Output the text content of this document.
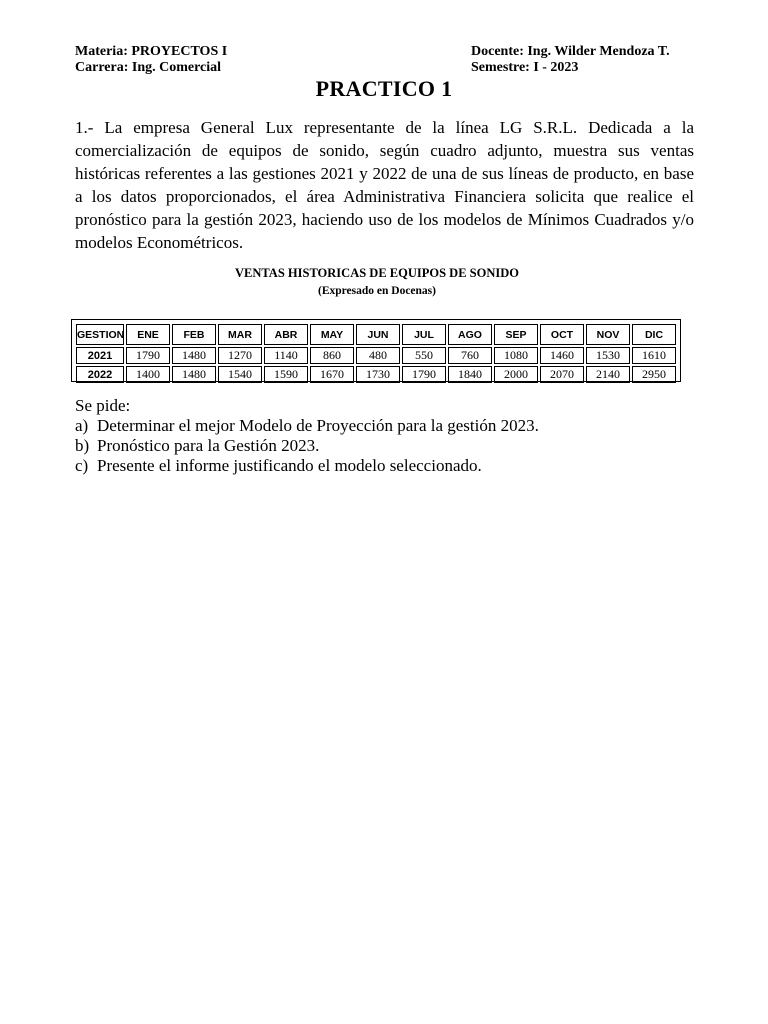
Materia: PROYECTOS I
Carrera: Ing. Comercial
Docente: Ing. Wilder Mendoza T.
Semestre: I - 2023
PRACTICO 1
1.- La empresa General Lux representante de la línea LG S.R.L. Dedicada a la comercialización de equipos de sonido, según cuadro adjunto, muestra sus ventas históricas referentes a las gestiones 2021 y 2022 de una de sus líneas de producto, en base a los datos proporcionados, el área Administrativa Financiera solicita que realice el pronóstico para la gestión 2023, haciendo uso de los modelos de Mínimos Cuadrados y/o modelos Econométricos.
VENTAS HISTORICAS DE EQUIPOS DE SONIDO
(Expresado en Docenas)
GESTION	ENE	FEB	MAR	ABR	MAY	JUN	JUL	AGO	SEP	OCT	NOV	DIC
2021	1790	1480	1270	1140	860	480	550	760	1080	1460	1530	1610
2022	1400	1480	1540	1590	1670	1730	1790	1840	2000	2070	2140	2950
Se pide:
a) Determinar el mejor Modelo de Proyección para la gestión 2023.
b) Pronóstico para la Gestión 2023.
c) Presente el informe justificando el modelo seleccionado.
